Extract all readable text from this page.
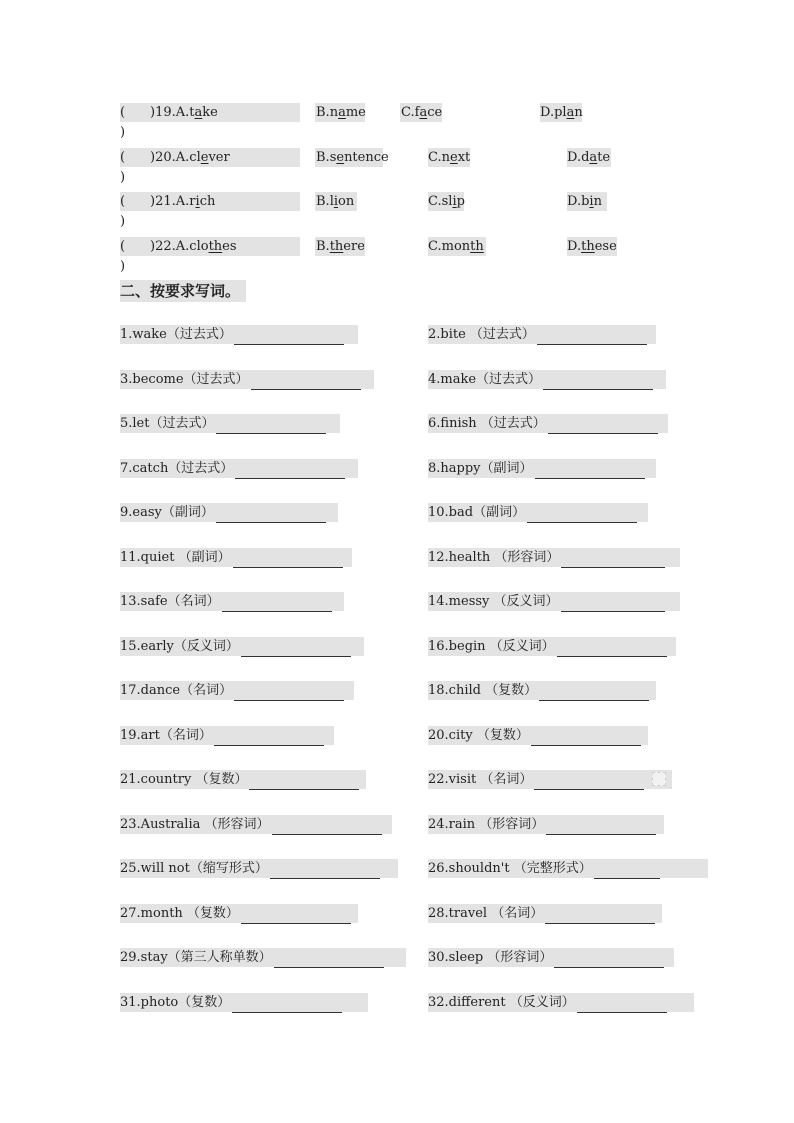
( )
)19.A.take	B.name	C.face	D.plan
( )
)20.A.clever	B.sentence	C.next	D.date
( )
)21.A.rich	B.lion	C.slip	D.bin
( )
)22.A.clothes	B.there	C.month	D.these
二、按要求写词。
1.wake（过去式）	2.bite （过去式）
3.become（过去式）	4.make（过去式）
5.let（过去式）	6.finish （过去式）
7.catch（过去式）	8.happy（副词）
9.easy（副词）	10.bad（副词）
11.quiet （副词）	12.health （形容词）
13.safe（名词）	14.messy （反义词）
15.early（反义词）	16.begin （反义词）
17.dance（名词）	18.child （复数）
19.art（名词）	20.city （复数）
21.country （复数）	22.visit （名词）
23.Australia （形容词）	24.rain （形容词）
25.will not（缩写形式）	26.shouldn't （完整形式）
27.month （复数）	28.travel （名词）
29.stay（第三人称单数）	30.sleep （形容词）
31.photo（复数）	32.different （反义词）
